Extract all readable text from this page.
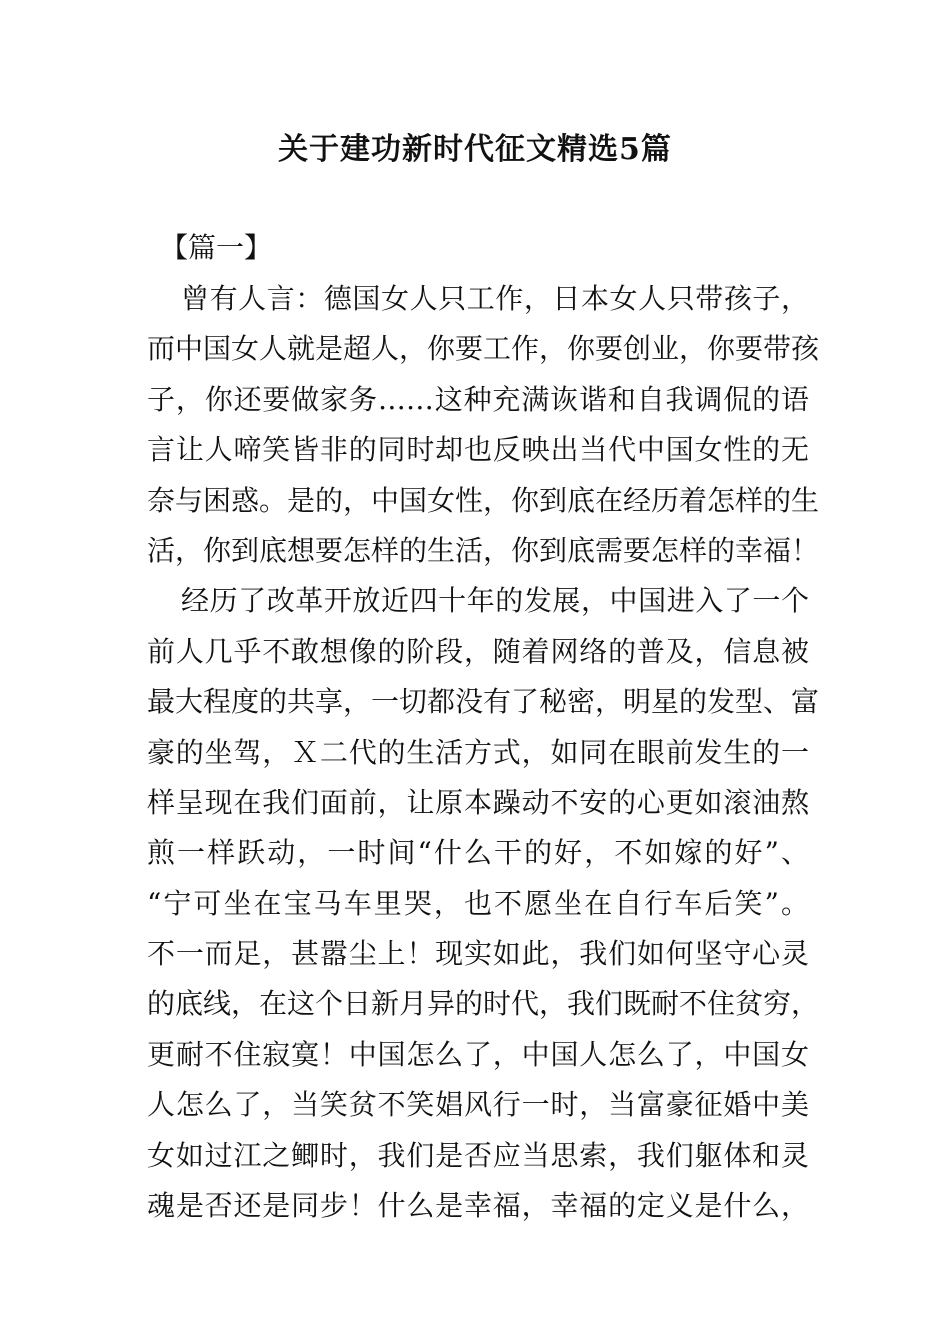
关于建功新时代征文精选5篇
【篇一】
曾有人言：德国女人只工作，日本女人只带孩子，
而中国女人就是超人，你要工作，你要创业，你要带孩
子，你还要做家务……这种充满诙谐和自我调侃的语
言让人啼笑皆非的同时却也反映出当代中国女性的无
奈与困惑。是的，中国女性，你到底在经历着怎样的生
活，你到底想要怎样的生活，你到底需要怎样的幸福！
经历了改革开放近四十年的发展，中国进入了一个
前人几乎不敢想像的阶段，随着网络的普及，信息被
最大程度的共享，一切都没有了秘密，明星的发型、富
豪的坐驾，Ｘ二代的生活方式，如同在眼前发生的一
样呈现在我们面前，让原本躁动不安的心更如滚油熬
煎一样跃动，一时间“什么干的好，不如嫁的好”、
“宁可坐在宝马车里哭，也不愿坐在自行车后笑”。
不一而足，甚嚣尘上！现实如此，我们如何坚守心灵
的底线，在这个日新月异的时代，我们既耐不住贫穷，
更耐不住寂寞！中国怎么了，中国人怎么了，中国女
人怎么了，当笑贫不笑娼风行一时，当富豪征婚中美
女如过江之鲫时，我们是否应当思索，我们躯体和灵
魂是否还是同步！什么是幸福，幸福的定义是什么，
